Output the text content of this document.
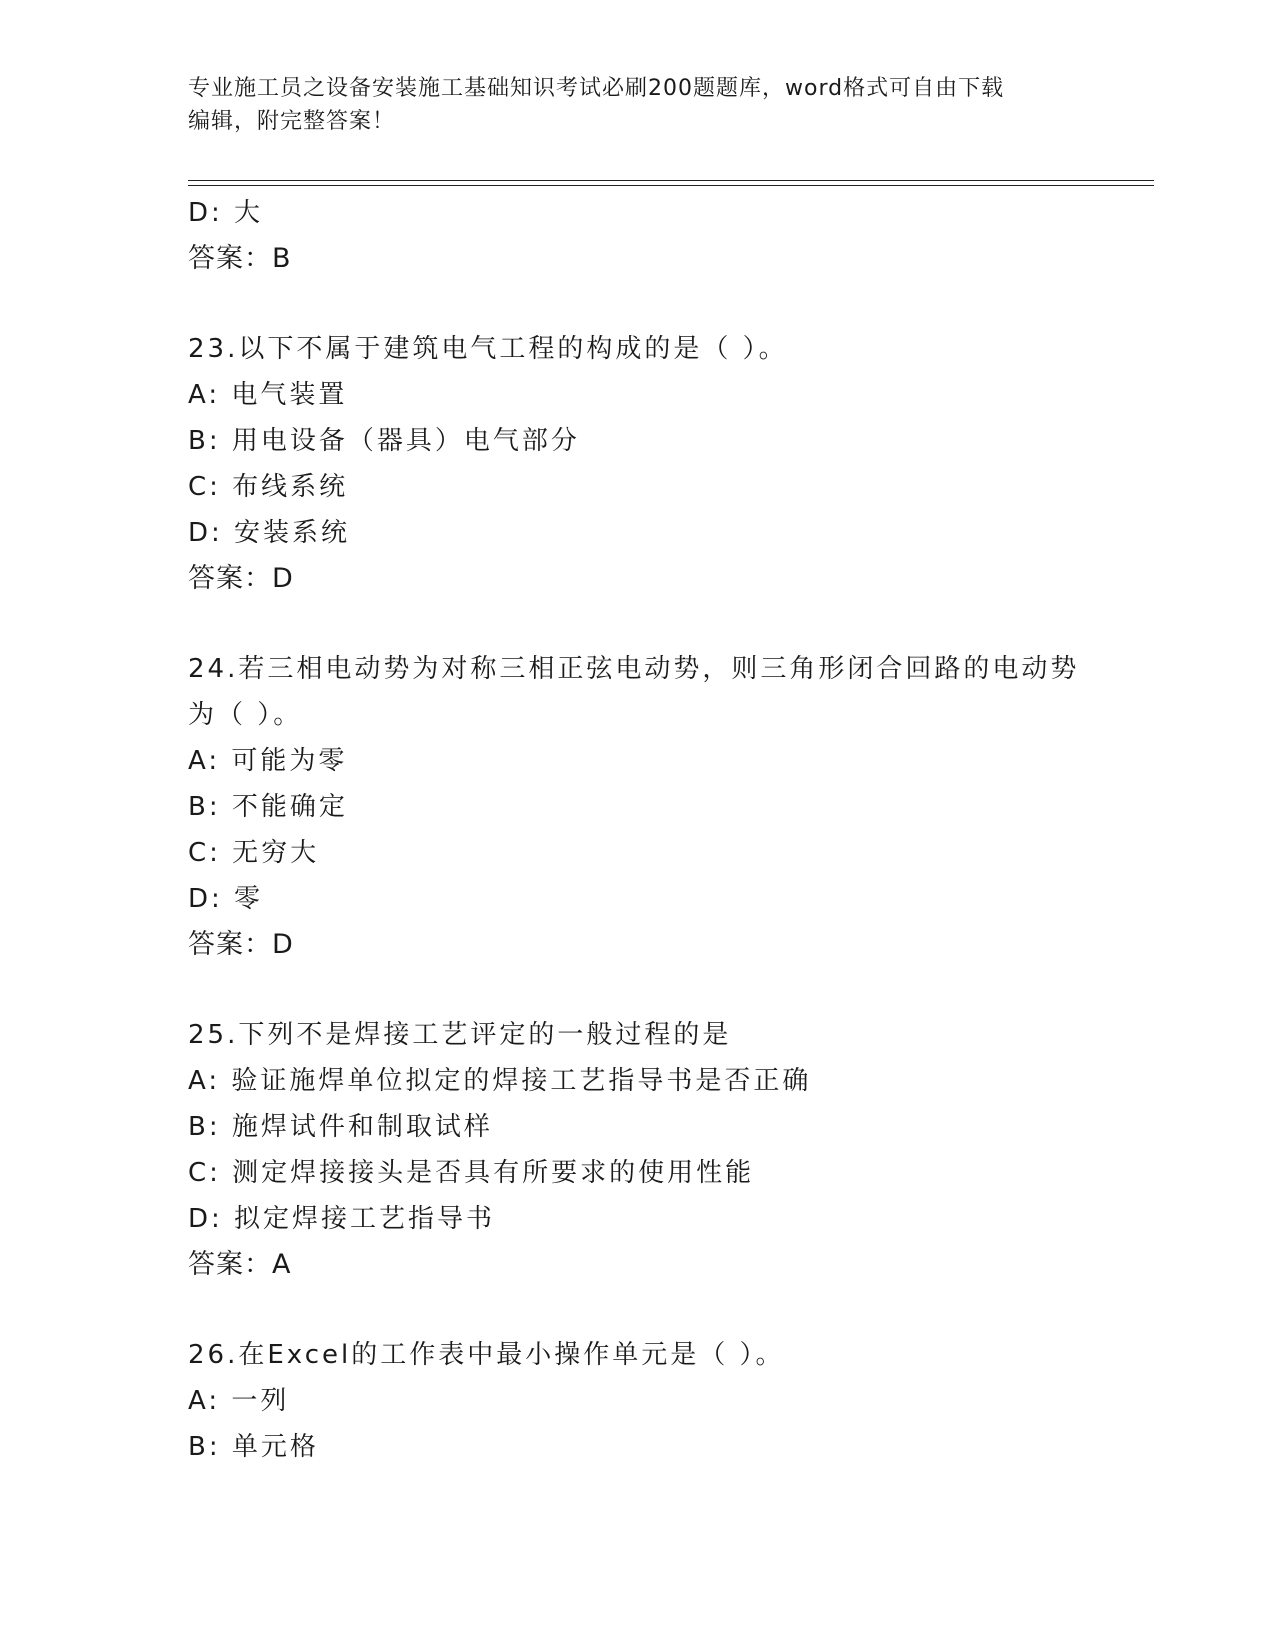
专业施工员之设备安装施工基础知识考试必刷200题题库，word格式可自由下载
编辑，附完整答案！
D: 大
答案：B
23.以下不属于建筑电气工程的构成的是（ ）。
A: 电气装置
B: 用电设备（器具）电气部分
C: 布线系统
D: 安装系统
答案：D
24.若三相电动势为对称三相正弦电动势，则三角形闭合回路的电动势
为（ ）。
A: 可能为零
B: 不能确定
C: 无穷大
D: 零
答案：D
25.下列不是焊接工艺评定的一般过程的是
A: 验证施焊单位拟定的焊接工艺指导书是否正确
B: 施焊试件和制取试样
C: 测定焊接接头是否具有所要求的使用性能
D: 拟定焊接工艺指导书
答案：A
26.在Excel的工作表中最小操作单元是（ ）。
A: 一列
B: 单元格
